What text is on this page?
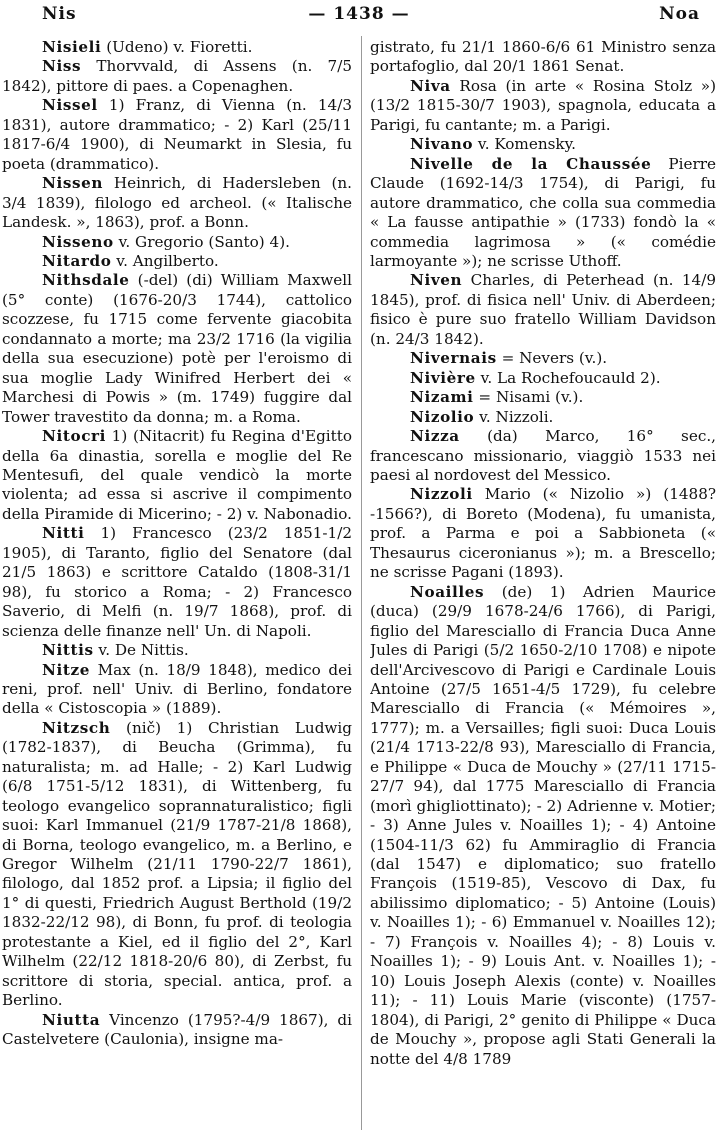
Nis	— 1438 —	Noa

Nisieli (Udeno) v. Fioretti.

Niss Thorvvald, di Assens (n. 7/5 1842), pittore di paes. a Copenaghen.

Nissel 1) Franz, di Vienna (n. 14/3 1831), autore drammatico; - 2) Karl (25/11 1817-6/4 1900), di Neumarkt in Slesia, fu poeta (drammatico).

Nissen Heinrich, di Hadersleben (n. 3/4 1839), filologo ed archeol. (« Italische Landesk. », 1863), prof. a Bonn.

Nisseno v. Gregorio (Santo) 4).

Nitardo v. Angilberto.

Nithsdale (-del) (di) William Maxwell (5° conte) (1676-20/3 1744), cattolico scozzese, fu 1715 come fervente giacobita condannato a morte; ma 23/2 1716 (la vigilia della sua esecuzione) potè per l'eroismo di sua moglie Lady Winifred Herbert dei « Marchesi di Powis » (m. 1749) fuggire dal Tower travestito da donna; m. a Roma.

Nitocri 1) (Nitacrit) fu Regina d'Egitto della 6a dinastia, sorella e moglie del Re Mentesufi, del quale vendicò la morte violenta; ad essa si ascrive il compimento della Piramide di Micerino; - 2) v. Nabonadio.

Nitti 1) Francesco (23/2 1851-1/2 1905), di Taranto, figlio del Senatore (dal 21/5 1863) e scrittore Cataldo (1808-31/1 98), fu storico a Roma; - 2) Francesco Saverio, di Melfi (n. 19/7 1868), prof. di scienza delle finanze nell' Un. di Napoli.

Nittis v. De Nittis.

Nitze Max (n. 18/9 1848), medico dei reni, prof. nell' Univ. di Berlino, fondatore della « Cistoscopia » (1889).

Nitzsch (nič) 1) Christian Ludwig (1782-1837), di Beucha (Grimma), fu naturalista; m. ad Halle; - 2) Karl Ludwig (6/8 1751-5/12 1831), di Wittenberg, fu teologo evangelico soprannaturalistico; figli suoi: Karl Immanuel (21/9 1787-21/8 1868), di Borna, teologo evangelico, m. a Berlino, e Gregor Wilhelm (21/11 1790-22/7 1861), filologo, dal 1852 prof. a Lipsia; il figlio del 1° di questi, Friedrich August Berthold (19/2 1832-22/12 98), di Bonn, fu prof. di teologia protestante a Kiel, ed il figlio del 2°, Karl Wilhelm (22/12 1818-20/6 80), di Zerbst, fu scrittore di storia, special. antica, prof. a Berlino.

Niutta Vincenzo (1795?-4/9 1867), di Castelvetere (Caulonia), insigne ma-

gistrato, fu 21/1 1860-6/6 61 Ministro senza portafoglio, dal 20/1 1861 Senat.

Niva Rosa (in arte « Rosina Stolz ») (13/2 1815-30/7 1903), spagnola, educata a Parigi, fu cantante; m. a Parigi.

Nivano v. Komensky.

Nivelle de la Chaussée Pierre Claude (1692-14/3 1754), di Parigi, fu autore drammatico, che colla sua commedia « La fausse antipathie » (1733) fondò la « commedia lagrimosa » (« comédie larmoyante »); ne scrisse Uthoff.

Niven Charles, di Peterhead (n. 14/9 1845), prof. di fisica nell' Univ. di Aberdeen; fisico è pure suo fratello William Davidson (n. 24/3 1842).

Nivernais = Nevers (v.).

Nivière v. La Rochefoucauld 2).

Nizami = Nisami (v.).

Nizolio v. Nizzoli.

Nizza (da) Marco, 16° sec., francescano missionario, viaggiò 1533 nei paesi al nordovest del Messico.

Nizzoli Mario (« Nizolio ») (1488?-1566?), di Boreto (Modena), fu umanista, prof. a Parma e poi a Sabbioneta (« Thesaurus ciceronianus »); m. a Brescello; ne scrisse Pagani (1893).

Noailles (de) 1) Adrien Maurice (duca) (29/9 1678-24/6 1766), di Parigi, figlio del Maresciallo di Francia Duca Anne Jules di Parigi (5/2 1650-2/10 1708) e nipote dell'Arcivescovo di Parigi e Cardinale Louis Antoine (27/5 1651-4/5 1729), fu celebre Maresciallo di Francia (« Mémoires », 1777); m. a Versailles; figli suoi: Duca Louis (21/4 1713-22/8 93), Maresciallo di Francia, e Philippe « Duca de Mouchy » (27/11 1715-27/7 94), dal 1775 Maresciallo di Francia (morì ghigliottinato); - 2) Adrienne v. Motier; - 3) Anne Jules v. Noailles 1); - 4) Antoine (1504-11/3 62) fu Ammiraglio di Francia (dal 1547) e diplomatico; suo fratello François (1519-85), Vescovo di Dax, fu abilissimo diplomatico; - 5) Antoine (Louis) v. Noailles 1); - 6) Emmanuel v. Noailles 12); - 7) François v. Noailles 4); - 8) Louis v. Noailles 1); - 9) Louis Ant. v. Noailles 1); - 10) Louis Joseph Alexis (conte) v. Noailles 11); - 11) Louis Marie (visconte) (1757-1804), di Parigi, 2° genito di Philippe « Duca de Mouchy », propose agli Stati Generali la notte del 4/8 1789
